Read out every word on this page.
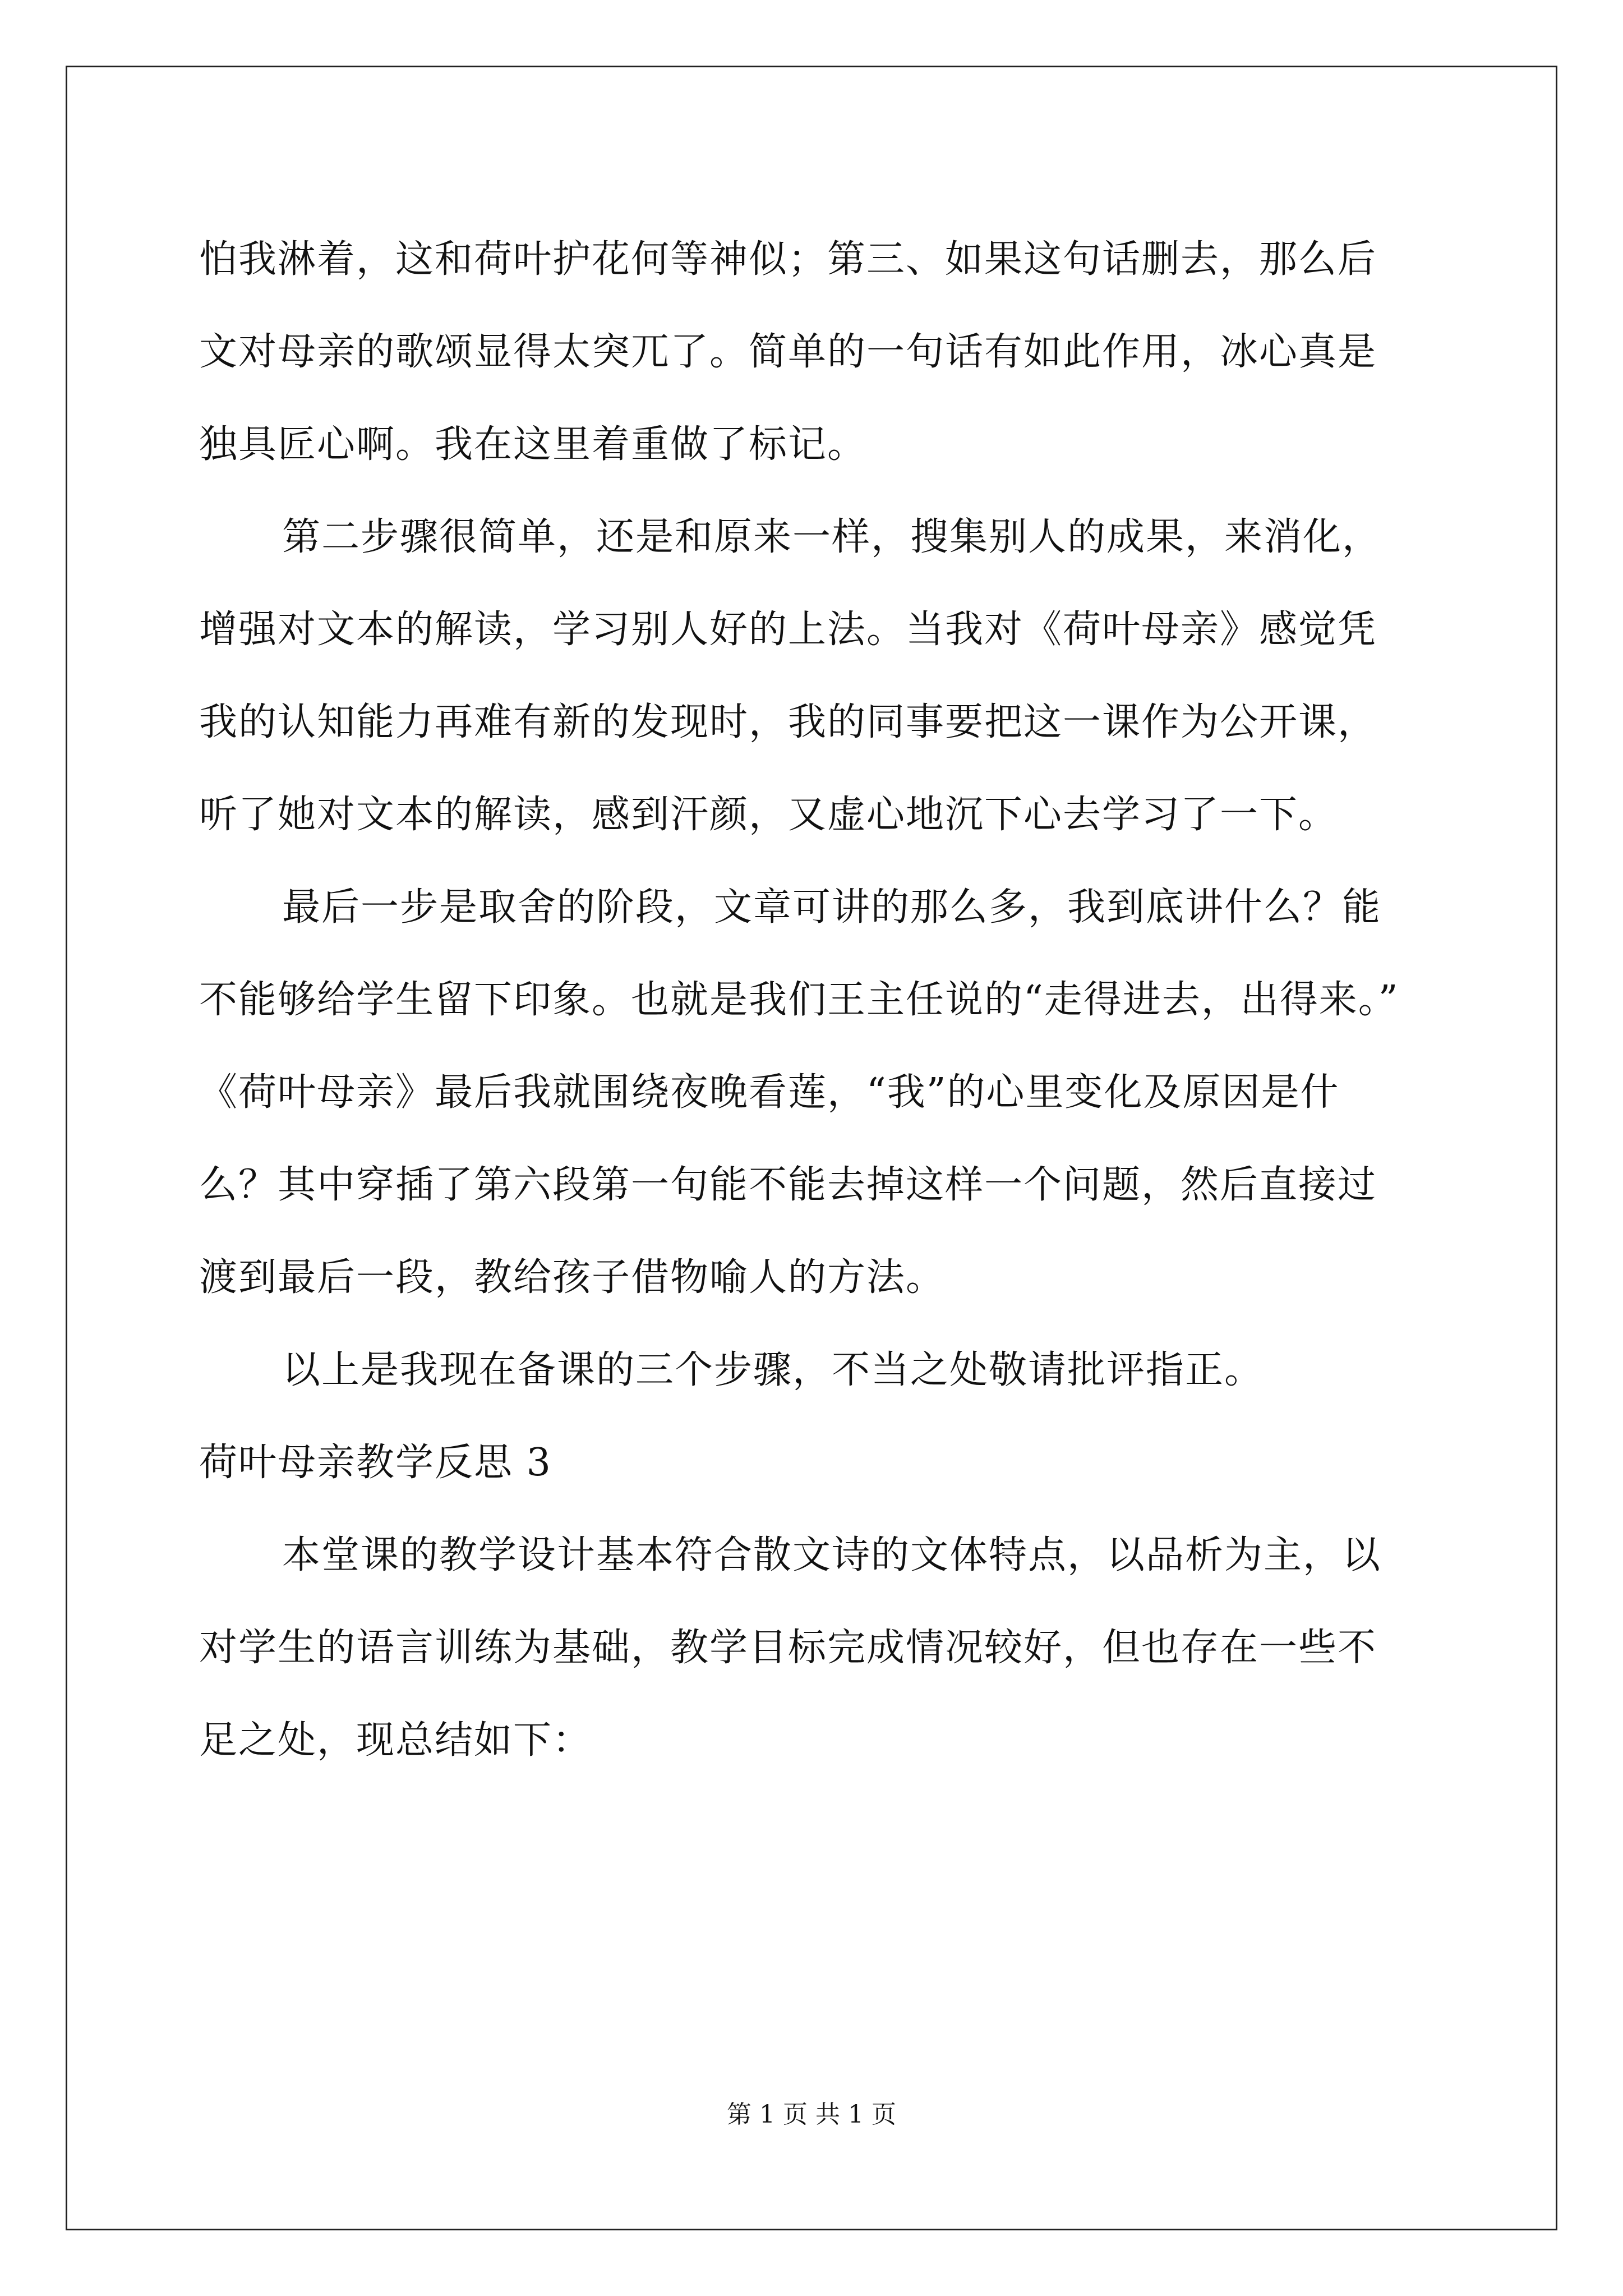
怕我淋着，这和荷叶护花何等神似；第三、如果这句话删去，那么后
文对母亲的歌颂显得太突兀了。简单的一句话有如此作用，冰心真是
独具匠心啊。我在这里着重做了标记。
第二步骤很简单，还是和原来一样，搜集别人的成果，来消化，
增强对文本的解读，学习别人好的上法。当我对《荷叶母亲》感觉凭
我的认知能力再难有新的发现时，我的同事要把这一课作为公开课，
听了她对文本的解读，感到汗颜，又虚心地沉下心去学习了一下。
最后一步是取舍的阶段，文章可讲的那么多，我到底讲什么？能
不能够给学生留下印象。也就是我们王主任说的“走得进去，出得来。”
《荷叶母亲》最后我就围绕夜晚看莲，“我”的心里变化及原因是什
么？其中穿插了第六段第一句能不能去掉这样一个问题，然后直接过
渡到最后一段，教给孩子借物喻人的方法。
以上是我现在备课的三个步骤，不当之处敬请批评指正。
荷叶母亲教学反思 3
本堂课的教学设计基本符合散文诗的文体特点，以品析为主，以
对学生的语言训练为基础，教学目标完成情况较好，但也存在一些不
足之处，现总结如下：
第 1 页 共 1 页
